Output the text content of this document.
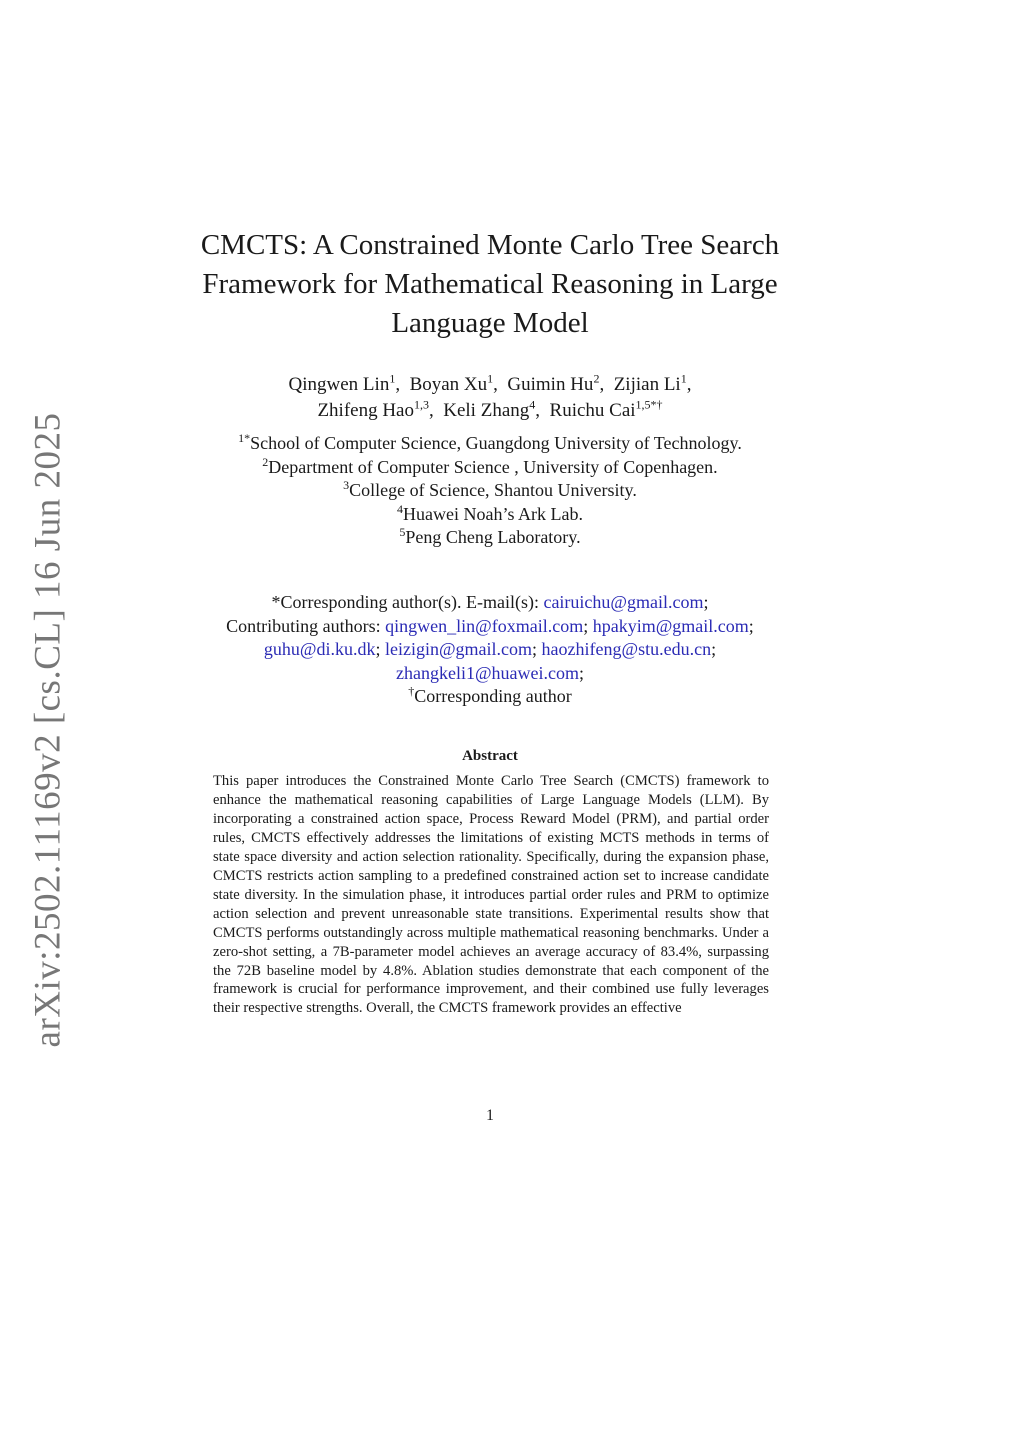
arXiv:2502.11169v2 [cs.CL] 16 Jun 2025
CMCTS: A Constrained Monte Carlo Tree Search
Framework for Mathematical Reasoning in Large
Language Model
Qingwen Lin$^1$,  Boyan Xu$^1$,  Guimin Hu$^2$,  Zijian Li$^1$,
Zhifeng Hao$^{1,3}$,  Keli Zhang$^4$,  Ruichu Cai$^{1,5*\dagger}$
$^{1*}$School of Computer Science, Guangdong University of Technology.
$^2$Department of Computer Science , University of Copenhagen.
$^3$College of Science, Shantou University.
$^4$Huawei Noah’s Ark Lab.
$^5$Peng Cheng Laboratory.
*Corresponding author(s). E-mail(s): cairuichu@gmail.com;
Contributing authors: qingwen_lin@foxmail.com; hpakyim@gmail.com;
guhu@di.ku.dk; leizigin@gmail.com; haozhifeng@stu.edu.cn;
zhangkeli1@huawei.com;
†Corresponding author
Abstract
This paper introduces the Constrained Monte Carlo Tree Search (CMCTS) framework to enhance the mathematical reasoning capabilities of Large Language Models (LLM). By incorporating a constrained action space, Process Reward Model (PRM), and partial order rules, CMCTS effectively addresses the limitations of existing MCTS methods in terms of state space diversity and action selection rationality. Specifically, during the expansion phase, CMCTS restricts action sampling to a predefined constrained action set to increase candidate state diversity. In the simulation phase, it introduces partial order rules and PRM to optimize action selection and prevent unreasonable state transitions. Experimental results show that CMCTS performs outstandingly across multiple mathematical reasoning benchmarks. Under a zero-shot setting, a 7B-parameter model achieves an average accuracy of 83.4%, surpassing the 72B baseline model by 4.8%. Ablation studies demonstrate that each component of the framework is crucial for performance improvement, and their combined use fully leverages their respective strengths. Overall, the CMCTS framework provides an effective
1
